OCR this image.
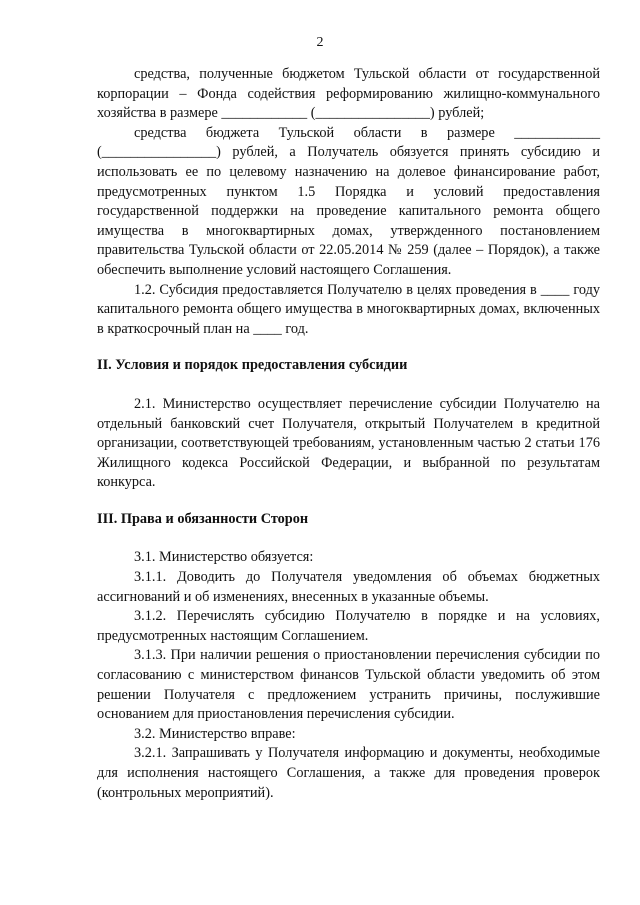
2

средства, полученные бюджетом Тульской области от государственной корпорации – Фонда содействия реформированию жилищно-коммунального хозяйства в размере ____________ (________________) рублей;

средства бюджета Тульской области в размере ____________ (________________) рублей, а Получатель обязуется принять субсидию и использовать ее по целевому назначению на долевое финансирование работ, предусмотренных пунктом 1.5 Порядка и условий предоставления государственной поддержки на проведение капитального ремонта общего имущества в многоквартирных домах, утвержденного постановлением правительства Тульской области от 22.05.2014 № 259 (далее – Порядок), а также обеспечить выполнение условий настоящего Соглашения.

1.2. Субсидия предоставляется Получателю в целях проведения в ____ году капитального ремонта общего имущества в многоквартирных домах, включенных в краткосрочный план на ____ год.

II. Условия и порядок предоставления субсидии

2.1. Министерство осуществляет перечисление субсидии Получателю на отдельный банковский счет Получателя, открытый Получателем в кредитной организации, соответствующей требованиям, установленным частью 2 статьи 176 Жилищного кодекса Российской Федерации, и выбранной по результатам конкурса.

III. Права и обязанности Сторон

3.1. Министерство обязуется:

3.1.1. Доводить до Получателя уведомления об объемах бюджетных ассигнований и об изменениях, внесенных в указанные объемы.

3.1.2. Перечислять субсидию Получателю в порядке и на условиях, предусмотренных настоящим Соглашением.

3.1.3. При наличии решения о приостановлении перечисления субсидии по согласованию с министерством финансов Тульской области уведомить об этом решении Получателя с предложением устранить причины, послужившие основанием для приостановления перечисления субсидии.

3.2. Министерство вправе:

3.2.1. Запрашивать у Получателя информацию и документы, необходимые для исполнения настоящего Соглашения, а также для проведения проверок (контрольных мероприятий).
